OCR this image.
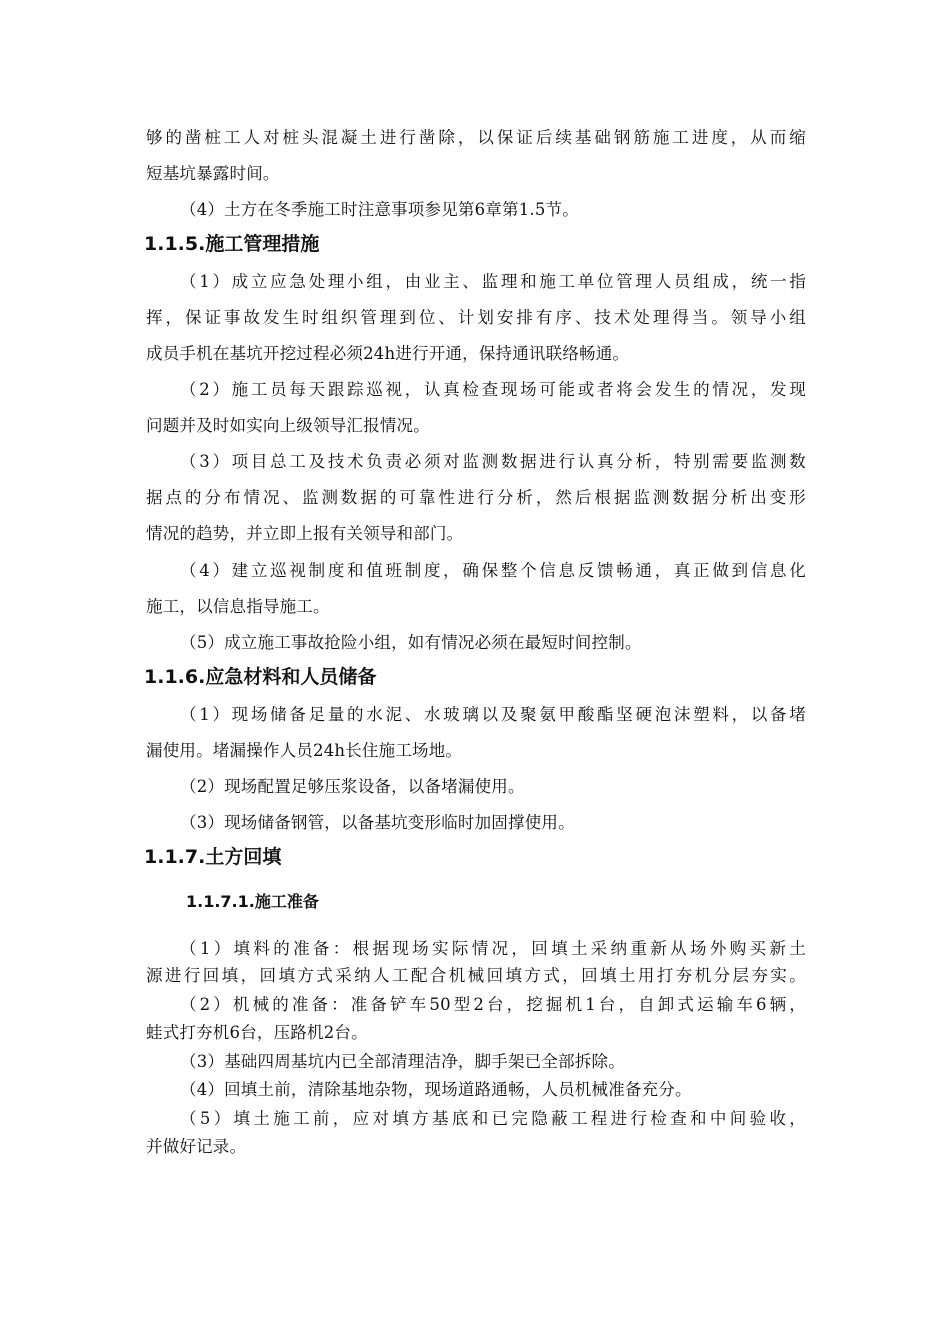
够的凿桩工人对桩头混凝土进行凿除，以保证后续基础钢筋施工进度，从而缩
短基坑暴露时间。
（4）土方在冬季施工时注意事项参见第6章第1.5节。
1.1.5.施工管理措施
（1）成立应急处理小组，由业主、监理和施工单位管理人员组成，统一指
挥，保证事故发生时组织管理到位、计划安排有序、技术处理得当。领导小组
成员手机在基坑开挖过程必须24h进行开通，保持通讯联络畅通。
（2）施工员每天跟踪巡视，认真检查现场可能或者将会发生的情况，发现
问题并及时如实向上级领导汇报情况。
（3）项目总工及技术负责必须对监测数据进行认真分析，特别需要监测数
据点的分布情况、监测数据的可靠性进行分析，然后根据监测数据分析出变形
情况的趋势，并立即上报有关领导和部门。
（4）建立巡视制度和值班制度，确保整个信息反馈畅通，真正做到信息化
施工，以信息指导施工。
（5）成立施工事故抢险小组，如有情况必须在最短时间控制。
1.1.6.应急材料和人员储备
（1）现场储备足量的水泥、水玻璃以及聚氨甲酸酯坚硬泡沫塑料，以备堵
漏使用。堵漏操作人员24h长住施工场地。
（2）现场配置足够压浆设备，以备堵漏使用。
（3）现场储备钢管，以备基坑变形临时加固撑使用。
1.1.7.土方回填
1.1.7.1.施工准备
（1）填料的准备：根据现场实际情况，回填土采纳重新从场外购买新土
源进行回填，回填方式采纳人工配合机械回填方式，回填土用打夯机分层夯实。
（2）机械的准备：准备铲车50型2台，挖掘机1台，自卸式运输车6辆，
蛙式打夯机6台，压路机2台。
（3）基础四周基坑内已全部清理洁净，脚手架已全部拆除。
（4）回填土前，清除基地杂物，现场道路通畅，人员机械准备充分。
（5）填土施工前，应对填方基底和已完隐蔽工程进行检查和中间验收，
并做好记录。
